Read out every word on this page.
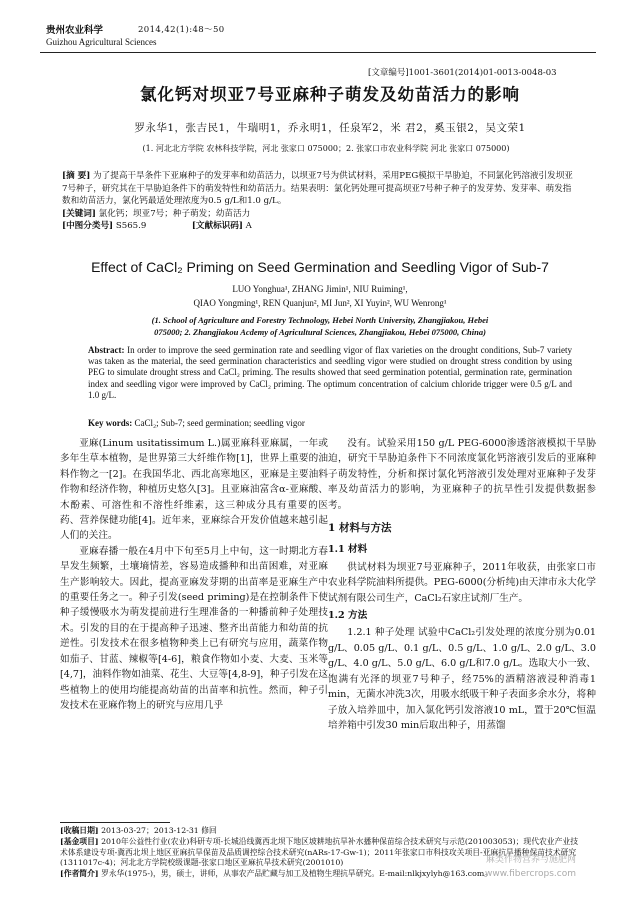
贵州农业科学	2014,42(1):48～50
Guizhou Agricultural Sciences
[文章编号]1001-3601(2014)01-0013-0048-03
氯化钙对坝亚7号亚麻种子萌发及幼苗活力的影响
罗永华1，张吉民1，牛瑞明1，乔永明1，任泉军2，米 君2，奚玉银2，吴文荣1
(1. 河北北方学院 农林科技学院，河北 张家口 075000；2. 张家口市农业科学院 河北 张家口 075000)
[摘 要] 为了提高干旱条件下亚麻种子的发芽率和幼苗活力，以坝亚7号为供试材料，采用PEG模拟干旱胁迫，不同氯化钙溶液引发坝亚7号种子，研究其在干旱胁迫条件下的萌发特性和幼苗活力。结果表明：氯化钙处理可提高坝亚7号种子种子的发芽势、发芽率、萌发指数和幼苗活力，氯化钙最适处理浓度为0.5 g/L和1.0 g/L。
[关键词] 氯化钙；坝亚7号；种子萌发；幼苗活力
[中图分类号] S565.9	[文献标识码] A
Effect of CaCl₂ Priming on Seed Germination and Seedling Vigor of Sub-7
LUO Yonghua¹, ZHANG Jimin¹, NIU Ruiming¹,
QIAO Yongming¹, REN Quanjun², MI Jun², XI Yuyin², WU Wenrong¹
(1. School of Agriculture and Forestry Technology, Hebei North University, Zhangjiakou, Hebei
075000; 2. Zhangjiakou Acdemy of Agricultural Sciences, Zhangjiakou, Hebei 075000, China)
Abstract: In order to improve the seed germination rate and seedling vigor of flax varieties on the drought conditions, Sub-7 variety was taken as the material, the seed germination characteristics and seedling vigor were studied on drought stress condition by using PEG to simulate drought stress and CaCl₂ priming. The results showed that seed germination potential, germination rate, germination index and seedling vigor were improved by CaCl₂ priming. The optimum concentration of calcium chloride trigger were 0.5 g/L and 1.0 g/L.
Key words: CaCl₂; Sub-7; seed germination; seedling vigor

亚麻(Linum usitatissimum L.)属亚麻科亚麻属，一年或多年生草本植物，是世界第三大纤维作物[1]，世界上重要的油料作物之一[2]。在我国华北、西北高寒地区，亚麻是主要油料作物和经济作物，种植历史悠久[3]。且亚麻油富含α-亚麻酸、木酚素、可溶性和不溶性纤维素，这三种成分具有重要的医药、营养保健功能[4]。近年来，亚麻综合开发价值越来越引起人们的关注。

亚麻春播一般在4月中下旬至5月上中旬，这一时期北方春旱发生频繁，土壤墒情差，容易造成播种和出苗困难，对亚麻生产影响较大。因此，提高亚麻发芽期的出苗率是亚麻生产中的重要任务之一。种子引发(seed priming)是在控制条件下使种子缓慢吸水为萌发提前进行生理准备的一种播前种子处理技术。引发的目的在于提高种子迅速、整齐出苗能力和幼苗的抗逆性。引发技术在很多植物种类上已有研究与应用，蔬菜作物如茄子、甘蓝、辣椒等[4-6]，粮食作物如小麦、大麦、玉米等[4,7]，油料作物如油菜、花生、大豆等[4,8-9]，种子引发在这些植物上的使用均能提高幼苗的出苗率和抗性。然而，种子引发技术在亚麻作物上的研究与应用几乎

没有。试验采用150 g/L PEG-6000渗透溶液模拟干旱胁迫，研究干旱胁迫条件下不同浓度氯化钙溶液引发后的亚麻种子萌发特性，分析和探讨氯化钙溶液引发处理对亚麻种子发芽率及幼苗活力的影响，为亚麻种子的抗旱性引发提供数据参考。

1 材料与方法
1.1 材料

供试材料为坝亚7号亚麻种子，2011年收获，由张家口市农业科学院油料所提供。PEG-6000(分析纯)由天津市永大化学试剂有限公司生产，CaCl₂石家庄试剂厂生产。

1.2 方法

1.2.1 种子处理 试验中CaCl₂引发处理的浓度分别为0.01 g/L、0.05 g/L、0.1 g/L、0.5 g/L、1.0 g/L、2.0 g/L、3.0 g/L、4.0 g/L、5.0 g/L、6.0 g/L和7.0 g/L。选取大小一致、饱满有光泽的坝亚7号种子，经75%的酒精溶液浸种消毒1 min，无菌水冲洗3次，用吸水纸吸干种子表面多余水分，将种子放入培养皿中，加入氯化钙引发溶液10 mL，置于20℃恒温培养箱中引发30 min后取出种子，用蒸馏

[收稿日期] 2013-03-27；2013-12-31 修回
[基金项目] 2010年公益性行业(农业)科研专项-长城沿线冀西北坝下地区坡耕地抗旱补水播种保苗综合技术研究与示范(201003053)；现代农业产业技术体系建设专项-冀西北坝上地区亚麻抗旱保苗及品质调控综合技术研究(nARs-17-Gw-1)；2011年张家口市科技攻关项目-亚麻抗旱播种保苗技术研究(1311017c-4)；河北北方学院校级课题-张家口地区亚麻抗旱技术研究(2001010)
[作者简介] 罗永华(1975-)，男，硕士，讲师，从事农产品贮藏与加工及植物生理抗旱研究。E-mail:nlkjxylyh@163.com。
麻类作物营养与施肥网
www.fibercrops.com
